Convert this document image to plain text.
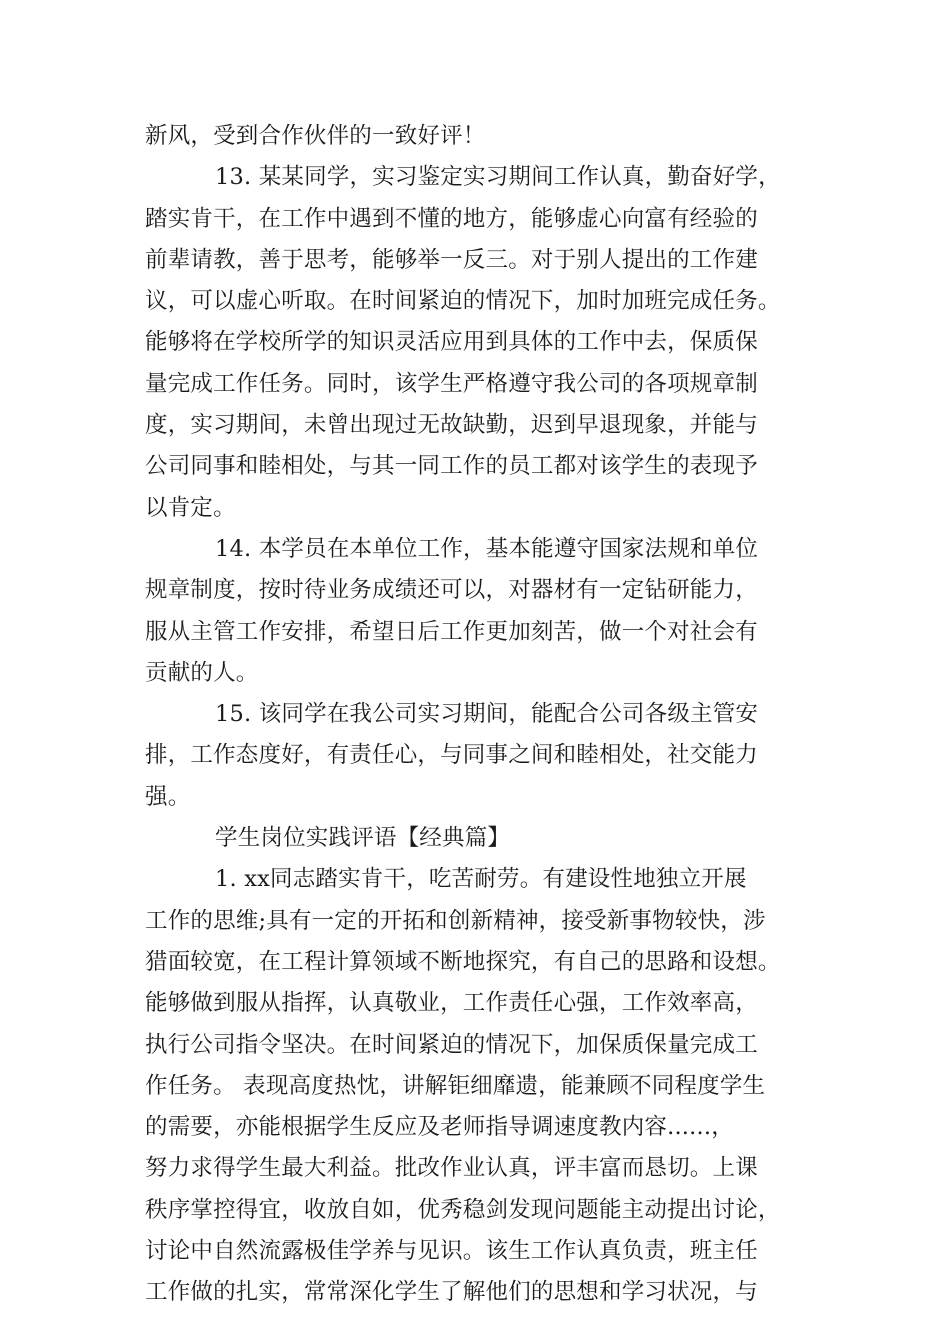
新风，受到合作伙伴的一致好评！
13. 某某同学，实习鉴定实习期间工作认真，勤奋好学，
踏实肯干，在工作中遇到不懂的地方，能够虚心向富有经验的
前辈请教，善于思考，能够举一反三。对于别人提出的工作建
议，可以虚心听取。在时间紧迫的情况下，加时加班完成任务。
能够将在学校所学的知识灵活应用到具体的工作中去，保质保
量完成工作任务。同时，该学生严格遵守我公司的各项规章制
度，实习期间，未曾出现过无故缺勤，迟到早退现象，并能与
公司同事和睦相处，与其一同工作的员工都对该学生的表现予
以肯定。
14. 本学员在本单位工作，基本能遵守国家法规和单位
规章制度，按时待业务成绩还可以，对器材有一定钻研能力，
服从主管工作安排，希望日后工作更加刻苦，做一个对社会有
贡献的人。
15. 该同学在我公司实习期间，能配合公司各级主管安
排，工作态度好，有责任心，与同事之间和睦相处，社交能力
强。
学生岗位实践评语【经典篇】
1. xx同志踏实肯干，吃苦耐劳。有建设性地独立开展
工作的思维;具有一定的开拓和创新精神，接受新事物较快，涉
猎面较宽，在工程计算领域不断地探究，有自己的思路和设想。
能够做到服从指挥，认真敬业，工作责任心强，工作效率高，
执行公司指令坚决。在时间紧迫的情况下，加保质保量完成工
作任务。 表现高度热忱，讲解钜细靡遗，能兼顾不同程度学生
的需要，亦能根据学生反应及老师指导调速度教内容......，
努力求得学生最大利益。批改作业认真，评丰富而恳切。上课
秩序掌控得宜，收放自如，优秀稳剑发现问题能主动提出讨论，
讨论中自然流露极佳学养与见识。该生工作认真负责，班主任
工作做的扎实，常常深化学生了解他们的思想和学习状况，与
